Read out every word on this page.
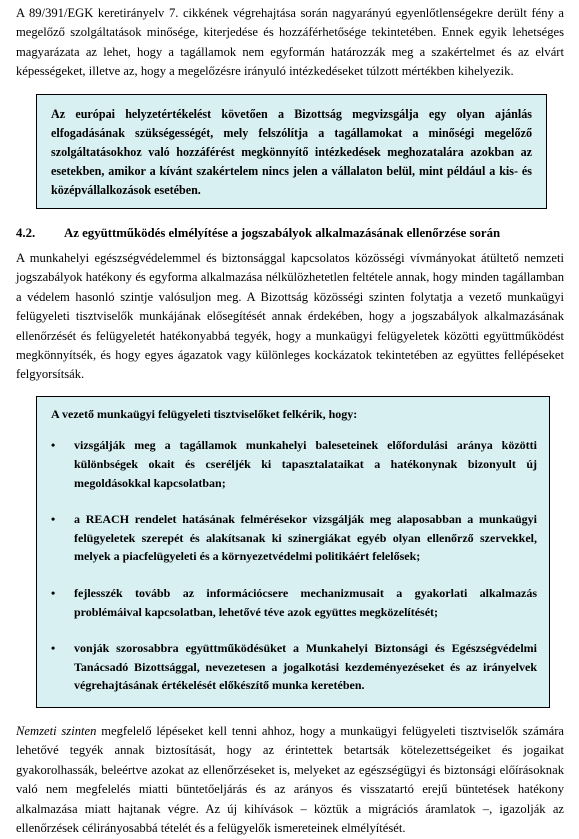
A 89/391/EGK keretirányelv 7. cikkének végrehajtása során nagyarányú egyenlőtlenségekre derült fény a megelőző szolgáltatások minősége, kiterjedése és hozzáférhetősége tekintetében. Ennek egyik lehetséges magyarázata az lehet, hogy a tagállamok nem egyformán határozzák meg a szakértelmet és az elvárt képességeket, illetve az, hogy a megelőzésre irányuló intézkedéseket túlzott mértékben kihelyezik.

Az európai helyzetértékelést követően a Bizottság megvizsgálja egy olyan ajánlás elfogadásának szükségességét, mely felszólítja a tagállamokat a minőségi megelőző szolgáltatásokhoz való hozzáférést megkönnyítő intézkedések meghozatalára azokban az esetekben, amikor a kívánt szakértelem nincs jelen a vállalaton belül, mint például a kis- és középvállalkozások esetében.

4.2.	Az együttműködés elmélyítése a jogszabályok alkalmazásának ellenőrzése során

A munkahelyi egészségvédelemmel és biztonsággal kapcsolatos közösségi vívmányokat átültető nemzeti jogszabályok hatékony és egyforma alkalmazása nélkülözhetetlen feltétele annak, hogy minden tagállamban a védelem hasonló szintje valósuljon meg. A Bizottság közösségi szinten folytatja a vezető munkaügyi felügyeleti tisztviselők munkájának elősegítését annak érdekében, hogy a jogszabályok alkalmazásának ellenőrzését és felügyeletét hatékonyabbá tegyék, hogy a munkaügyi felügyeletek közötti együttműködést megkönnyítsék, és hogy egyes ágazatok vagy különleges kockázatok tekintetében az együttes fellépéseket felgyorsítsák.

A vezető munkaügyi felügyeleti tisztviselőket felkérik, hogy:

• vizsgálják meg a tagállamok munkahelyi baleseteinek előfordulási aránya közötti különbségek okait és cseréljék ki tapasztalataikat a hatékonynak bizonyult új megoldásokkal kapcsolatban;

• a REACH rendelet hatásának felmérésekor vizsgálják meg alaposabban a munkaügyi felügyeletek szerepét és alakítsanak ki szinergiákat egyéb olyan ellenőrző szervekkel, melyek a piacfelügyeleti és a környezetvédelmi politikáért felelősek;

• fejlesszék tovább az információcsere mechanizmusait a gyakorlati alkalmazás problémáival kapcsolatban, lehetővé téve azok együttes megközelítését;

• vonják szorosabbra együttműködésüket a Munkahelyi Biztonsági és Egészségvédelmi Tanácsadó Bizottsággal, nevezetesen a jogalkotási kezdeményezéseket és az irányelvek végrehajtásának értékelését előkészítő munka keretében.

Nemzeti szinten megfelelő lépéseket kell tenni ahhoz, hogy a munkaügyi felügyeleti tisztviselők számára lehetővé tegyék annak biztosítását, hogy az érintettek betartsák kötelezettségeiket és jogaikat gyakorolhassák, beleértve azokat az ellenőrzéseket is, melyeket az egészségügyi és biztonsági előírásoknak való nem megfelelés miatti büntetőeljárás és az arányos és visszatartó erejű büntetések hatékony alkalmazása miatt hajtanak végre. Az új kihívások – köztük a migrációs áramlatok –, igazolják az ellenőrzések célirányosabbá tételét és a felügyelők ismereteinek elmélyítését.
